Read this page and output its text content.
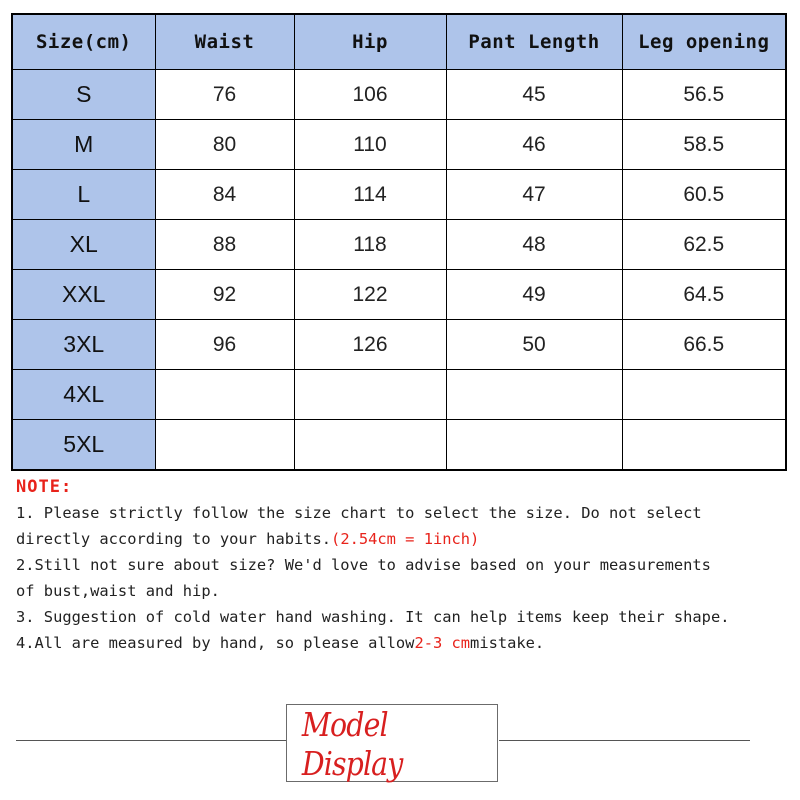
Size(cm)	Waist	Hip	Pant Length	Leg opening
S	76	106	45	56.5
M	80	110	46	58.5
L	84	114	47	60.5
XL	88	118	48	62.5
XXL	92	122	49	64.5
3XL	96	126	50	66.5
4XL				
5XL				
NOTE:
1. Please strictly follow the size chart to select the size. Do not select
directly according to your habits.(2.54cm = 1inch)
2.Still not sure about size? We'd love to advise based on your measurements
of bust,waist and hip.
3. Suggestion of cold water hand washing. It can help items keep their shape.
4.All are measured by hand, so please allow2-3 cmmistake.
Model Display
